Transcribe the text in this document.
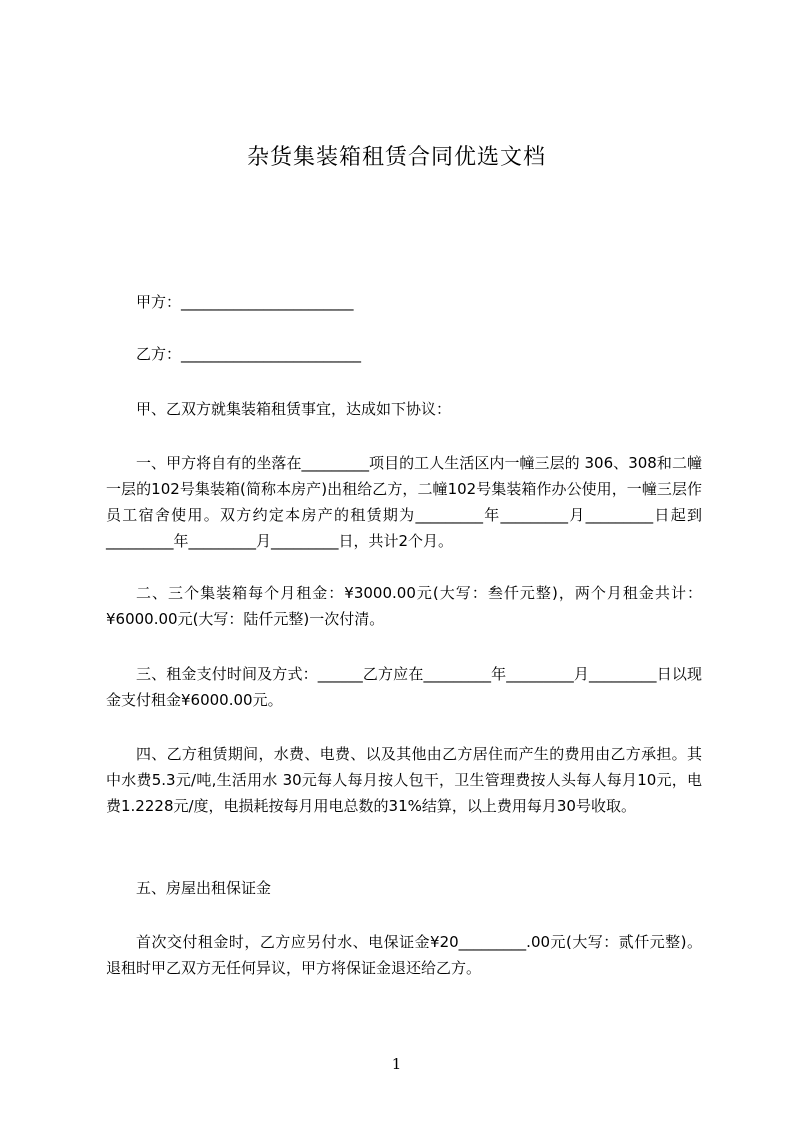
杂货集装箱租赁合同优选文档
甲方：_______________________
乙方：________________________
甲、乙双方就集装箱租赁事宜，达成如下协议：
一、甲方将自有的坐落在_________项目的工人生活区内一幢三层的 306、308和二幢一层的102号集装箱(简称本房产)出租给乙方，二幢102号集装箱作办公使用，一幢三层作员工宿舍使用。双方约定本房产的租赁期为_________年_________月_________日起到_________年_________月_________日，共计2个月。
二、三个集装箱每个月租金：¥3000.00元(大写：叁仟元整)，两个月租金共计：¥6000.00元(大写：陆仟元整)一次付清。
三、租金支付时间及方式：______乙方应在_________年_________月_________日以现金支付租金¥6000.00元。
四、乙方租赁期间，水费、电费、以及其他由乙方居住而产生的费用由乙方承担。其中水费5.3元/吨,生活用水 30元每人每月按人包干，卫生管理费按人头每人每月10元，电费1.2228元/度，电损耗按每月用电总数的31%结算，以上费用每月30号收取。
五、房屋出租保证金
首次交付租金时，乙方应另付水、电保证金¥20_________.00元(大写：贰仟元整)。退租时甲乙双方无任何异议，甲方将保证金退还给乙方。
1
